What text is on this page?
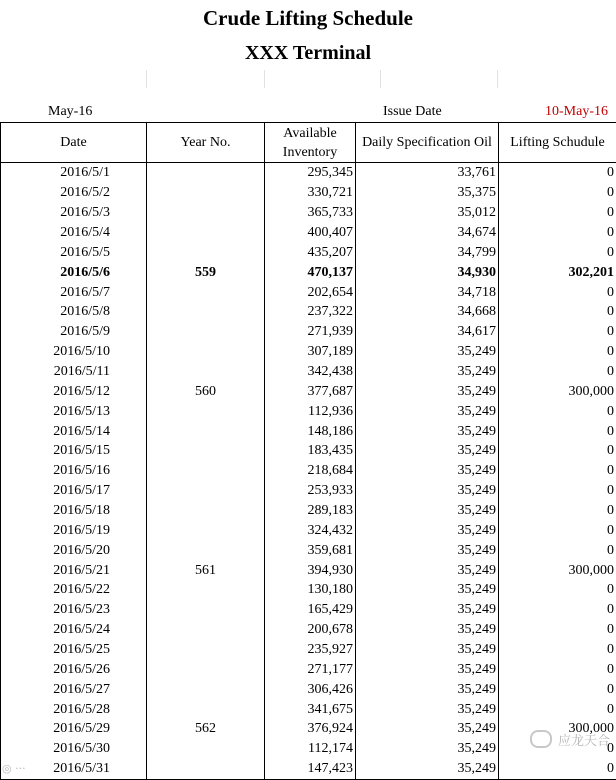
Crude Lifting Schedule
XXX Terminal
May-16	Issue Date	10-May-16
Date	Year No.	Available Inventory	Daily Specification Oil	Lifting Schudule
2016/5/1		295,345	33,761	0
2016/5/2		330,721	35,375	0
2016/5/3		365,733	35,012	0
2016/5/4		400,407	34,674	0
2016/5/5		435,207	34,799	0
2016/5/6	559	470,137	34,930	302,201
2016/5/7		202,654	34,718	0
2016/5/8		237,322	34,668	0
2016/5/9		271,939	34,617	0
2016/5/10		307,189	35,249	0
2016/5/11		342,438	35,249	0
2016/5/12	560	377,687	35,249	300,000
2016/5/13		112,936	35,249	0
2016/5/14		148,186	35,249	0
2016/5/15		183,435	35,249	0
2016/5/16		218,684	35,249	0
2016/5/17		253,933	35,249	0
2016/5/18		289,183	35,249	0
2016/5/19		324,432	35,249	0
2016/5/20		359,681	35,249	0
2016/5/21	561	394,930	35,249	300,000
2016/5/22		130,180	35,249	0
2016/5/23		165,429	35,249	0
2016/5/24		200,678	35,249	0
2016/5/25		235,927	35,249	0
2016/5/26		271,177	35,249	0
2016/5/27		306,426	35,249	0
2016/5/28		341,675	35,249	0
2016/5/29	562	376,924	35,249	300,000
2016/5/30		112,174	35,249	0
2016/5/31		147,423	35,249	0
◎ ···
应龙天合
